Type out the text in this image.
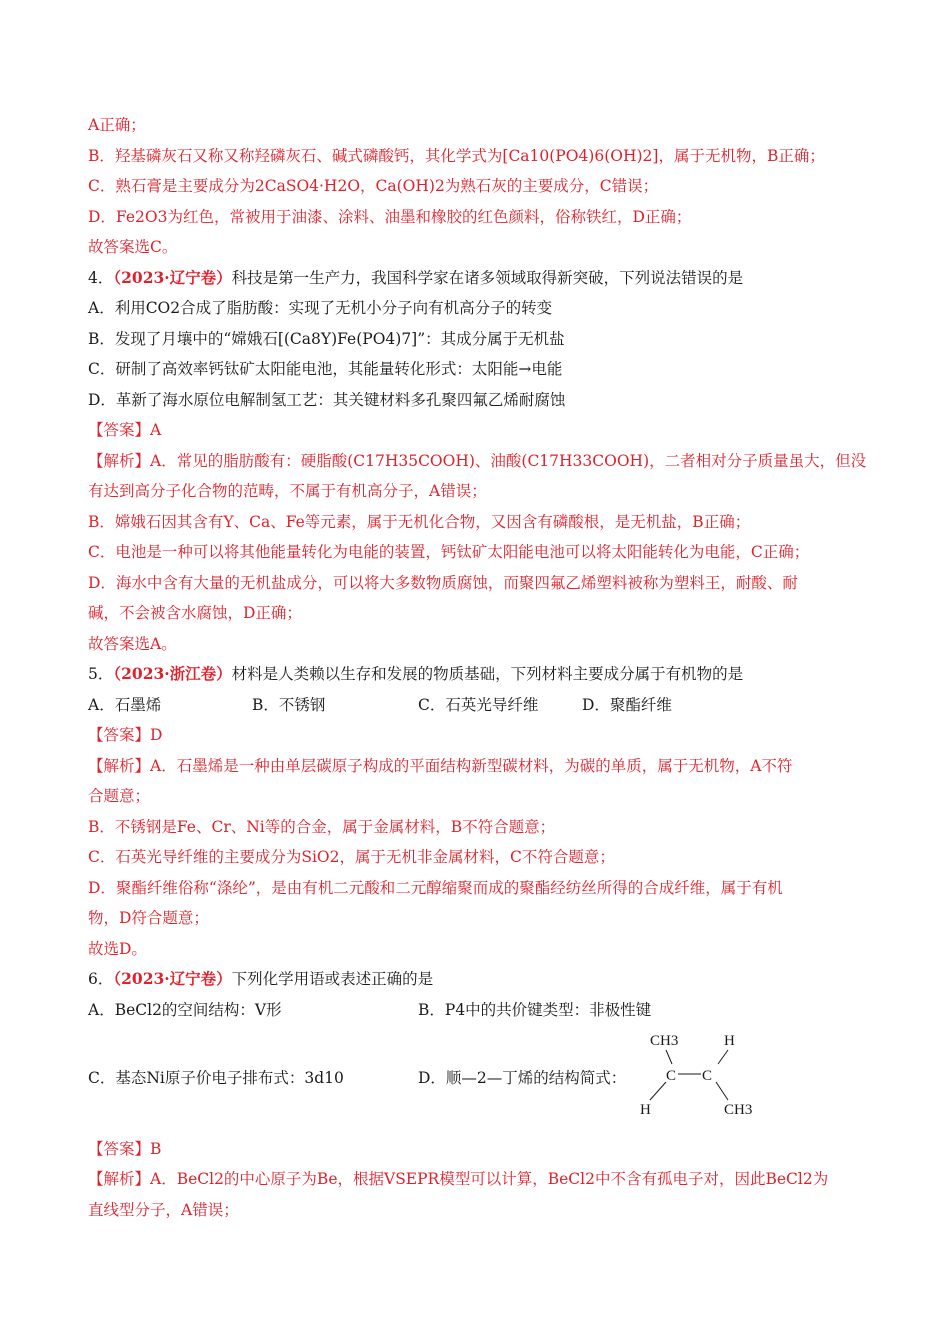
A正确；
B．羟基磷灰石又称又称羟磷灰石、碱式磷酸钙，其化学式为[Ca10(PO4)6(OH)2]，属于无机物，B正确；
C．熟石膏是主要成分为2CaSO4·H2O，Ca(OH)2为熟石灰的主要成分，C错误；
D．Fe2O3为红色，常被用于油漆、涂料、油墨和橡胶的红色颜料，俗称铁红，D正确；
故答案选C。
4．（2023·辽宁卷）科技是第一生产力，我国科学家在诸多领域取得新突破，下列说法错误的是
A．利用CO2合成了脂肪酸：实现了无机小分子向有机高分子的转变
B．发现了月壤中的“嫦娥石[(Ca8Y)Fe(PO4)7]”：其成分属于无机盐
C．研制了高效率钙钛矿太阳能电池，其能量转化形式：太阳能→电能
D．革新了海水原位电解制氢工艺：其关键材料多孔聚四氟乙烯耐腐蚀
【答案】A
【解析】A．常见的脂肪酸有：硬脂酸(C17H35COOH)、油酸(C17H33COOH)，二者相对分子质量虽大，但没
有达到高分子化合物的范畴，不属于有机高分子，A错误；
B．嫦娥石因其含有Y、Ca、Fe等元素，属于无机化合物，又因含有磷酸根，是无机盐，B正确；
C．电池是一种可以将其他能量转化为电能的装置，钙钛矿太阳能电池可以将太阳能转化为电能，C正确；
D．海水中含有大量的无机盐成分，可以将大多数物质腐蚀，而聚四氟乙烯塑料被称为塑料王，耐酸、耐
碱，不会被含水腐蚀，D正确；
故答案选A。
5．（2023·浙江卷）材料是人类赖以生存和发展的物质基础，下列材料主要成分属于有机物的是
A．石墨烯	B．不锈钢	C．石英光导纤维	D．聚酯纤维
【答案】D
【解析】A．石墨烯是一种由单层碳原子构成的平面结构新型碳材料，为碳的单质，属于无机物，A不符
合题意；
B．不锈钢是Fe、Cr、Ni等的合金，属于金属材料，B不符合题意；
C．石英光导纤维的主要成分为SiO2，属于无机非金属材料，C不符合题意；
D．聚酯纤维俗称“涤纶”，是由有机二元酸和二元醇缩聚而成的聚酯经纺丝所得的合成纤维，属于有机
物，D符合题意；
故选D。
6．（2023·辽宁卷）下列化学用语或表述正确的是
A．BeCl2的空间结构：V形	B．P4中的共价键类型：非极性键
C．基态Ni原子价电子排布式：3d10	D．顺—2—丁烯的结构简式：
CH3	H
C C
H	CH3
【答案】B
【解析】A．BeCl2的中心原子为Be，根据VSEPR模型可以计算，BeCl2中不含有孤电子对，因此BeCl2为
直线型分子，A错误；
